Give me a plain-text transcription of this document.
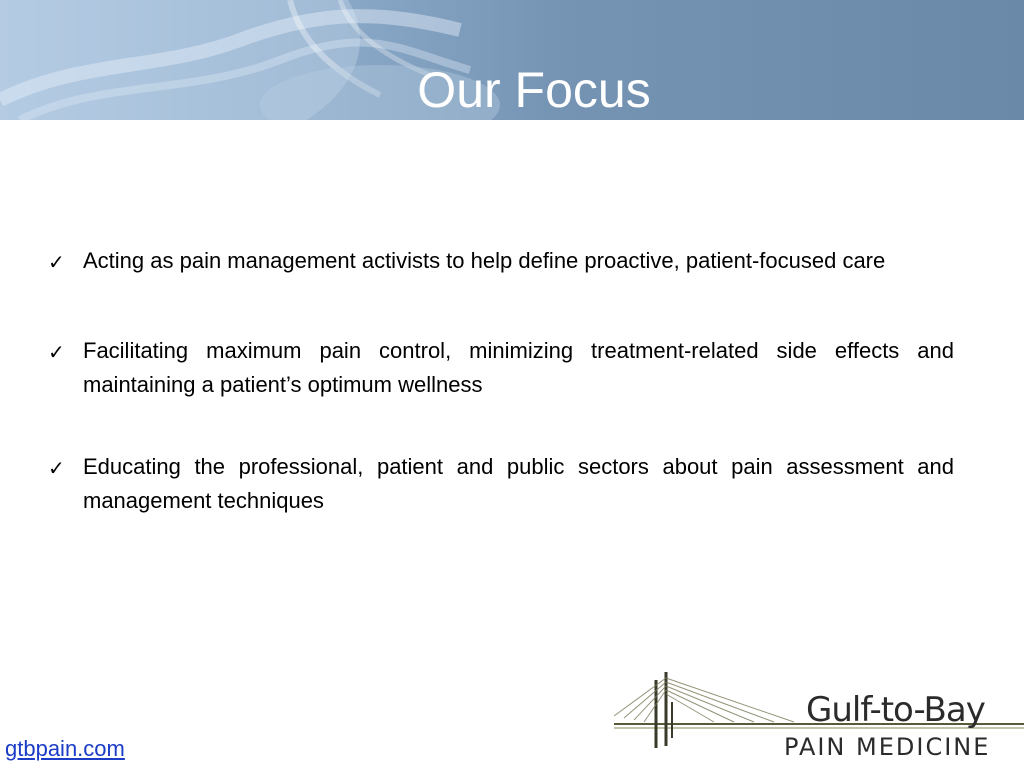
Our Focus
✓ Acting as pain management activists to help define proactive, patient-focused care
✓ Facilitating maximum pain control, minimizing treatment-related side effects and maintaining a patient’s optimum wellness
✓ Educating the professional, patient and public sectors about pain assessment and management techniques
gtbpain.com
Gulf-to-Bay
PAIN MEDICINE
